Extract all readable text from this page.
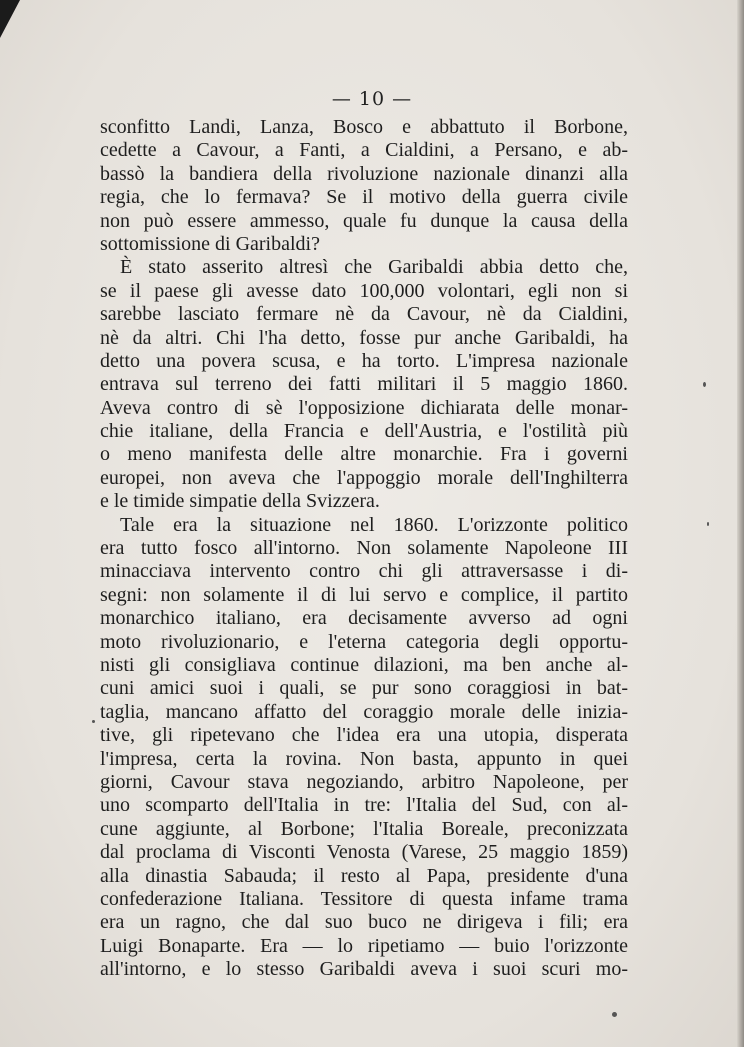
— 10 —
sconfitto Landi, Lanza, Bosco e abbattuto il Borbone,
cedette a Cavour, a Fanti, a Cialdini, a Persano, e ab-
bassò la bandiera della rivoluzione nazionale dinanzi alla
regia, che lo fermava? Se il motivo della guerra civile
non può essere ammesso, quale fu dunque la causa della
sottomissione di Garibaldi?
È stato asserito altresì che Garibaldi abbia detto che,
se il paese gli avesse dato 100,000 volontari, egli non si
sarebbe lasciato fermare nè da Cavour, nè da Cialdini,
nè da altri. Chi l'ha detto, fosse pur anche Garibaldi, ha
detto una povera scusa, e ha torto. L'impresa nazionale
entrava sul terreno dei fatti militari il 5 maggio 1860.
Aveva contro di sè l'opposizione dichiarata delle monar-
chie italiane, della Francia e dell'Austria, e l'ostilità più
o meno manifesta delle altre monarchie. Fra i governi
europei, non aveva che l'appoggio morale dell'Inghilterra
e le timide simpatie della Svizzera.
Tale era la situazione nel 1860. L'orizzonte politico
era tutto fosco all'intorno. Non solamente Napoleone III
minacciava intervento contro chi gli attraversasse i di-
segni: non solamente il di lui servo e complice, il partito
monarchico italiano, era decisamente avverso ad ogni
moto rivoluzionario, e l'eterna categoria degli opportu-
nisti gli consigliava continue dilazioni, ma ben anche al-
cuni amici suoi i quali, se pur sono coraggiosi in bat-
taglia, mancano affatto del coraggio morale delle inizia-
tive, gli ripetevano che l'idea era una utopia, disperata
l'impresa, certa la rovina. Non basta, appunto in quei
giorni, Cavour stava negoziando, arbitro Napoleone, per
uno scomparto dell'Italia in tre: l'Italia del Sud, con al-
cune aggiunte, al Borbone; l'Italia Boreale, preconizzata
dal proclama di Visconti Venosta (Varese, 25 maggio 1859)
alla dinastia Sabauda; il resto al Papa, presidente d'una
confederazione Italiana. Tessitore di questa infame trama
era un ragno, che dal suo buco ne dirigeva i fili; era
Luigi Bonaparte. Era — lo ripetiamo — buio l'orizzonte
all'intorno, e lo stesso Garibaldi aveva i suoi scuri mo-
